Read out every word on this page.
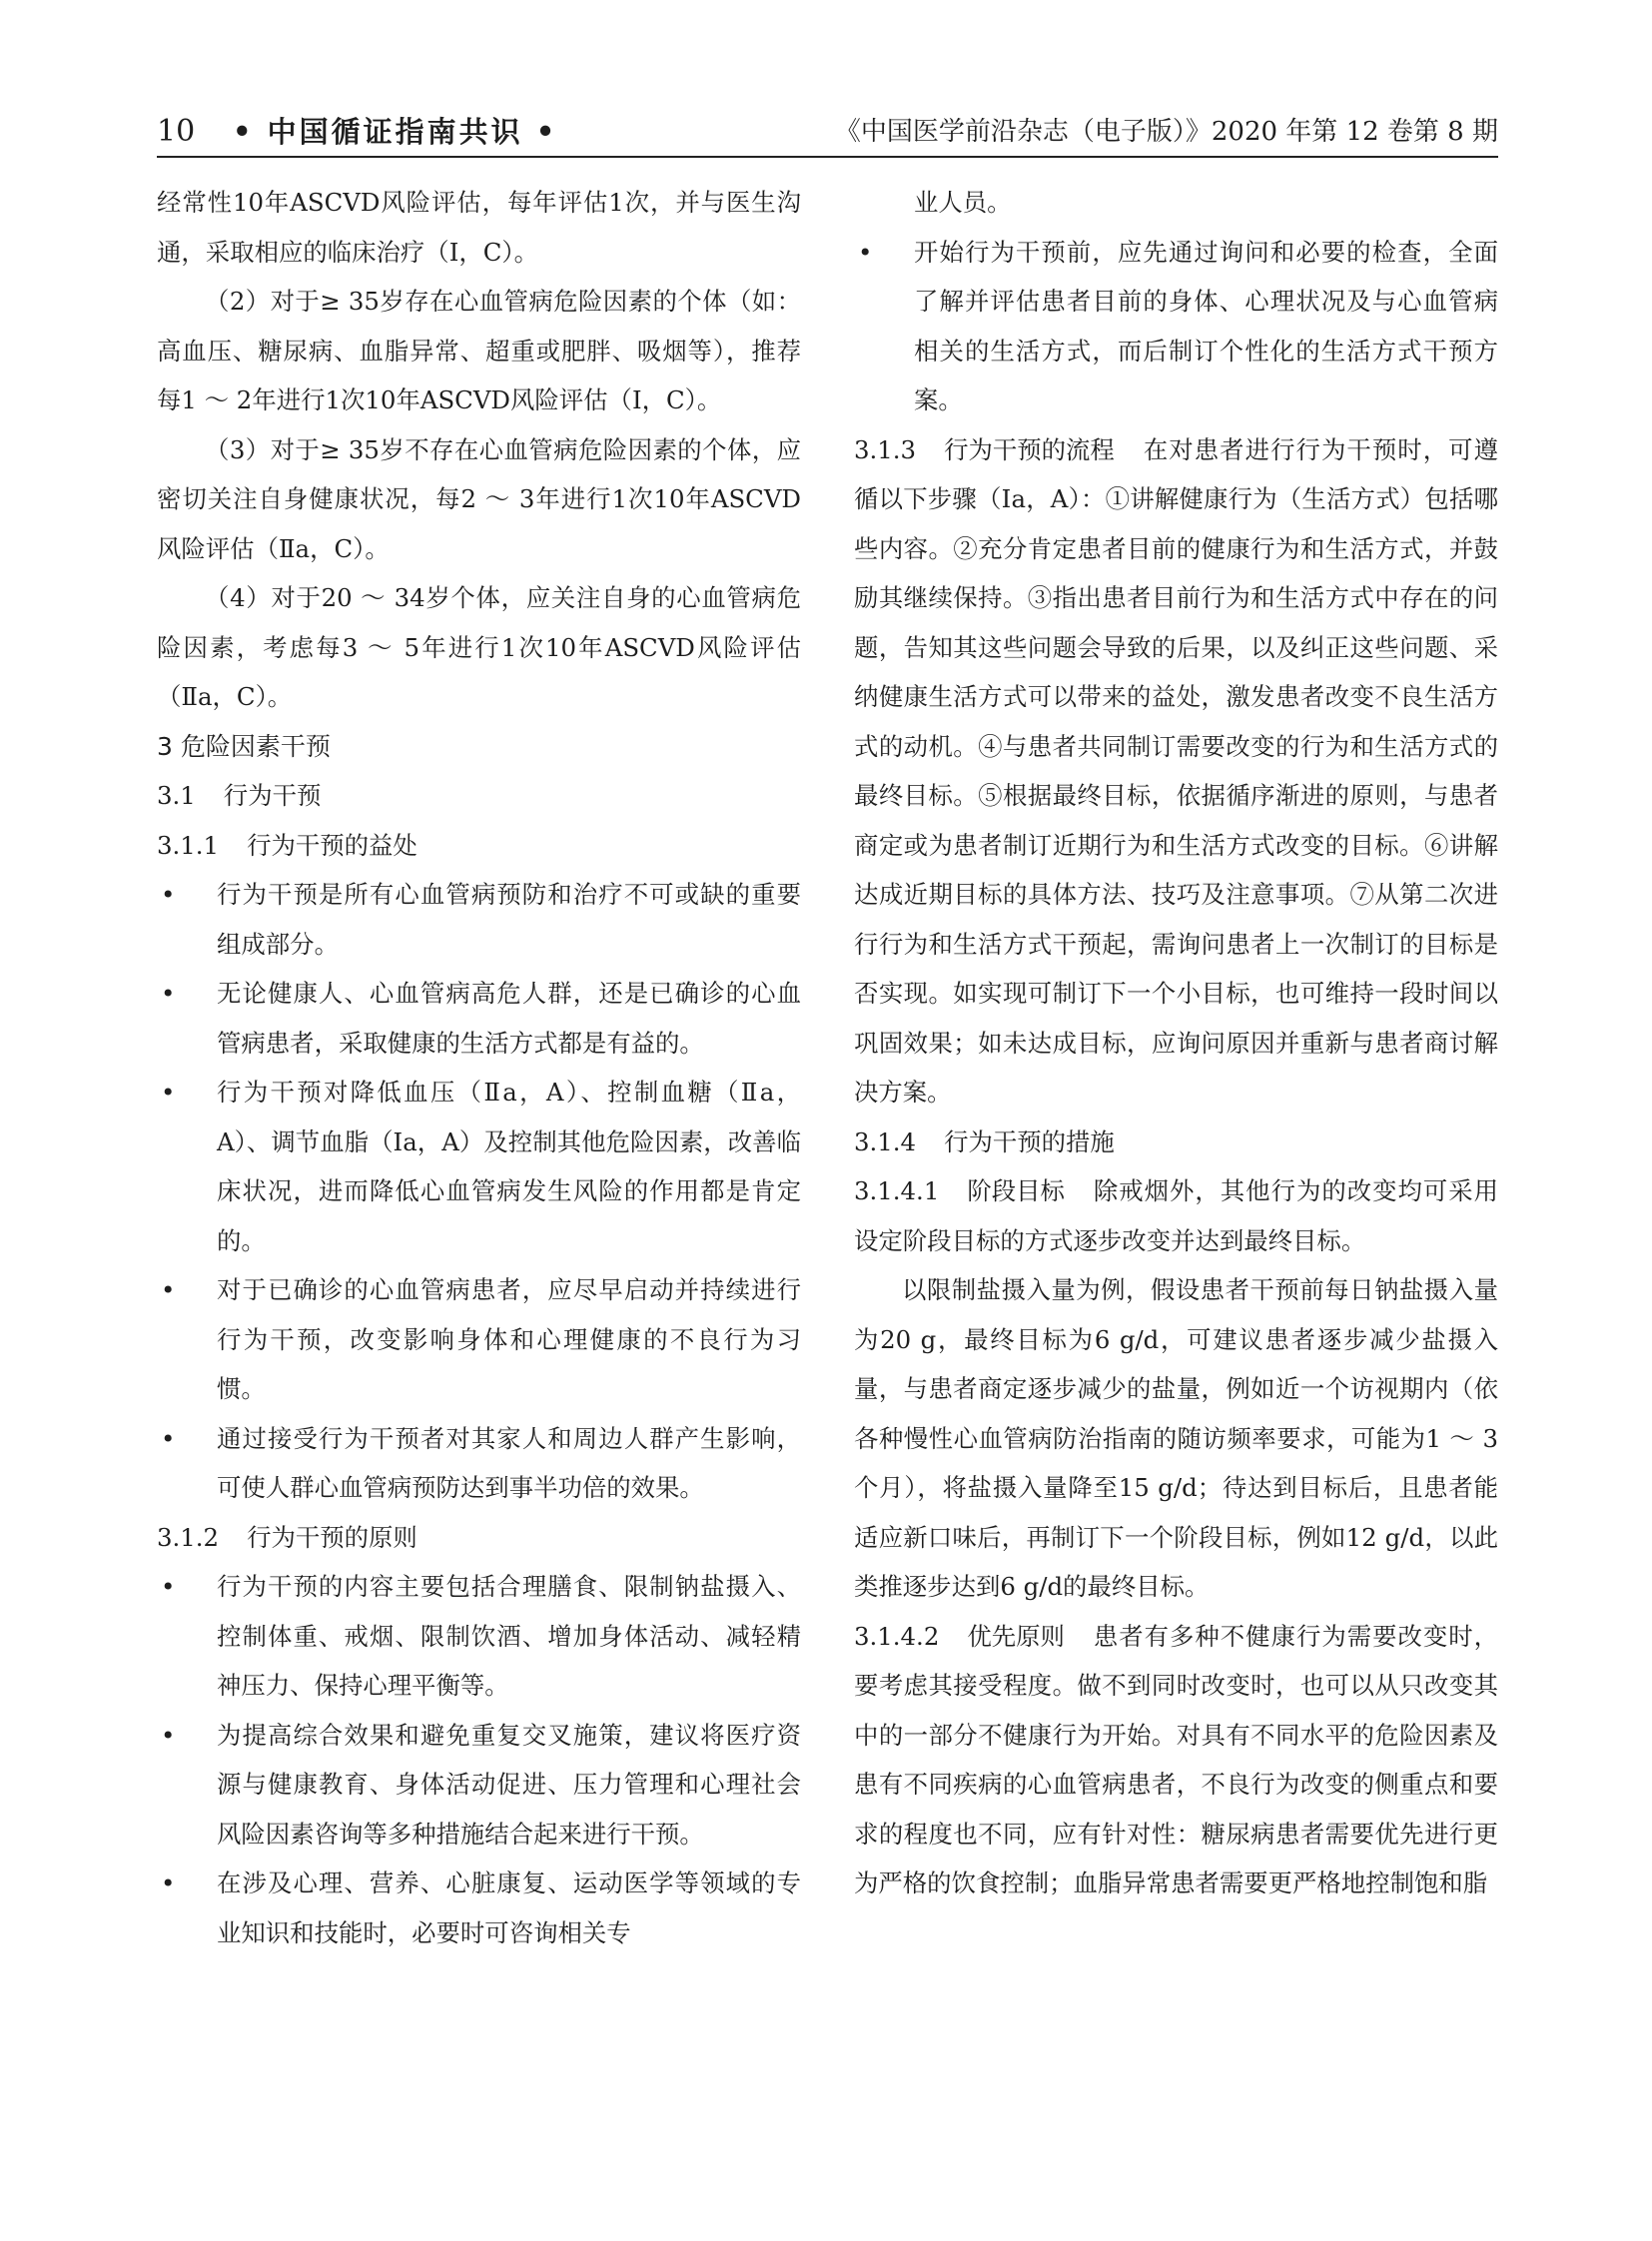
10 • 中国循证指南共识 •	《中国医学前沿杂志（电子版）》2020 年第 12 卷第 8 期

经常性10年ASCVD风险评估，每年评估1次，并与医生沟通，采取相应的临床治疗（Ⅰ，C）。

（2）对于≥ 35岁存在心血管病危险因素的个体（如：高血压、糖尿病、血脂异常、超重或肥胖、吸烟等），推荐每1 ～ 2年进行1次10年ASCVD风险评估（Ⅰ，C）。

（3）对于≥ 35岁不存在心血管病危险因素的个体，应密切关注自身健康状况，每2 ～ 3年进行1次10年ASCVD风险评估（Ⅱa，C）。

（4）对于20 ～ 34岁个体，应关注自身的心血管病危险因素，考虑每3 ～ 5年进行1次10年ASCVD风险评估（Ⅱa，C）。

3 危险因素干预

3.1 行为干预

3.1.1 行为干预的益处

• 行为干预是所有心血管病预防和治疗不可或缺的重要组成部分。
• 无论健康人、心血管病高危人群，还是已确诊的心血管病患者，采取健康的生活方式都是有益的。
• 行为干预对降低血压（Ⅱa，A）、控制血糖（Ⅱa，A）、调节血脂（Ⅰa，A）及控制其他危险因素，改善临床状况，进而降低心血管病发生风险的作用都是肯定的。
• 对于已确诊的心血管病患者，应尽早启动并持续进行行为干预，改变影响身体和心理健康的不良行为习惯。
• 通过接受行为干预者对其家人和周边人群产生影响，可使人群心血管病预防达到事半功倍的效果。

3.1.2 行为干预的原则

• 行为干预的内容主要包括合理膳食、限制钠盐摄入、控制体重、戒烟、限制饮酒、增加身体活动、减轻精神压力、保持心理平衡等。
• 为提高综合效果和避免重复交叉施策，建议将医疗资源与健康教育、身体活动促进、压力管理和心理社会风险因素咨询等多种措施结合起来进行干预。
• 在涉及心理、营养、心脏康复、运动医学等领域的专业知识和技能时，必要时可咨询相关专

业人员。

• 开始行为干预前，应先通过询问和必要的检查，全面了解并评估患者目前的身体、心理状况及与心血管病相关的生活方式，而后制订个性化的生活方式干预方案。

3.1.3 行为干预的流程 在对患者进行行为干预时，可遵循以下步骤（Ⅰa，A）：①讲解健康行为（生活方式）包括哪些内容。②充分肯定患者目前的健康行为和生活方式，并鼓励其继续保持。③指出患者目前行为和生活方式中存在的问题，告知其这些问题会导致的后果，以及纠正这些问题、采纳健康生活方式可以带来的益处，激发患者改变不良生活方式的动机。④与患者共同制订需要改变的行为和生活方式的最终目标。⑤根据最终目标，依据循序渐进的原则，与患者商定或为患者制订近期行为和生活方式改变的目标。⑥讲解达成近期目标的具体方法、技巧及注意事项。⑦从第二次进行行为和生活方式干预起，需询问患者上一次制订的目标是否实现。如实现可制订下一个小目标，也可维持一段时间以巩固效果；如未达成目标，应询问原因并重新与患者商讨解决方案。

3.1.4 行为干预的措施

3.1.4.1 阶段目标 除戒烟外，其他行为的改变均可采用设定阶段目标的方式逐步改变并达到最终目标。

以限制盐摄入量为例，假设患者干预前每日钠盐摄入量为20 g，最终目标为6 g/d，可建议患者逐步减少盐摄入量，与患者商定逐步减少的盐量，例如近一个访视期内（依各种慢性心血管病防治指南的随访频率要求，可能为1 ～ 3个月），将盐摄入量降至15 g/d；待达到目标后，且患者能适应新口味后，再制订下一个阶段目标，例如12 g/d，以此类推逐步达到6 g/d的最终目标。

3.1.4.2 优先原则 患者有多种不健康行为需要改变时，要考虑其接受程度。做不到同时改变时，也可以从只改变其中的一部分不健康行为开始。对具有不同水平的危险因素及患有不同疾病的心血管病患者，不良行为改变的侧重点和要求的程度也不同，应有针对性：糖尿病患者需要优先进行更为严格的饮食控制；血脂异常患者需要更严格地控制饱和脂
